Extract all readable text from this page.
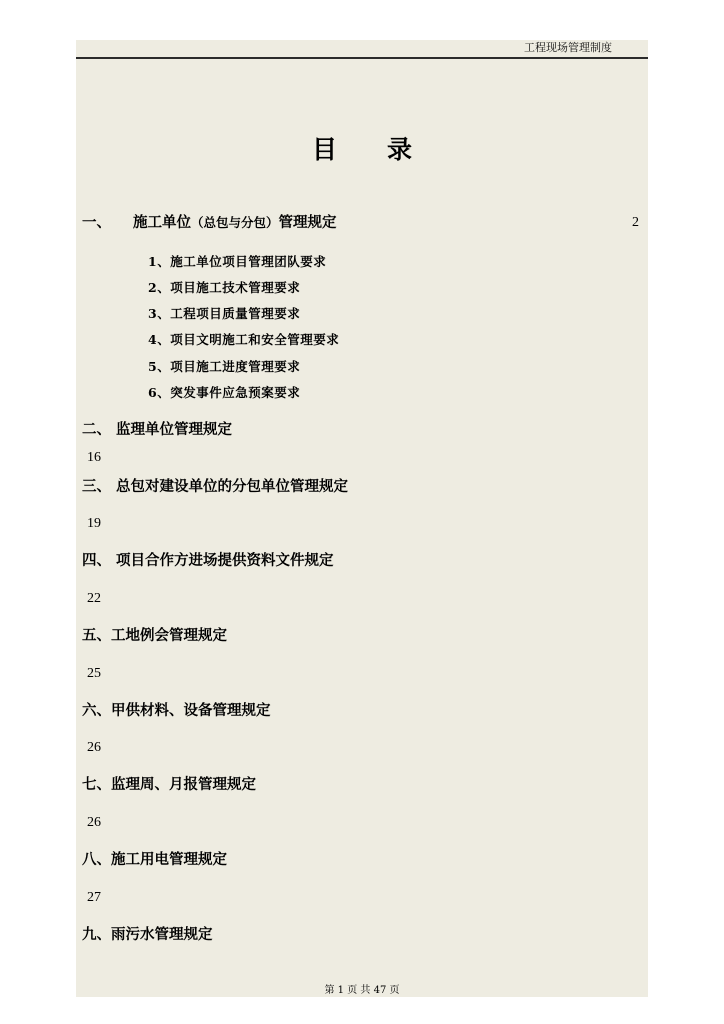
工程现场管理制度
目　　录
一、 施工单位（总包与分包）管理规定	2
1、施工单位项目管理团队要求
2、项目施工技术管理要求
3、工程项目质量管理要求
4、项目文明施工和安全管理要求
5、项目施工进度管理要求
6、突发事件应急预案要求
二、 监理单位管理规定
16
三、 总包对建设单位的分包单位管理规定
19
四、 项目合作方进场提供资料文件规定
22
五、工地例会管理规定
25
六、甲供材料、设备管理规定
26
七、监理周、月报管理规定
26
八、施工用电管理规定
27
九、雨污水管理规定
第 1 页 共 47 页
